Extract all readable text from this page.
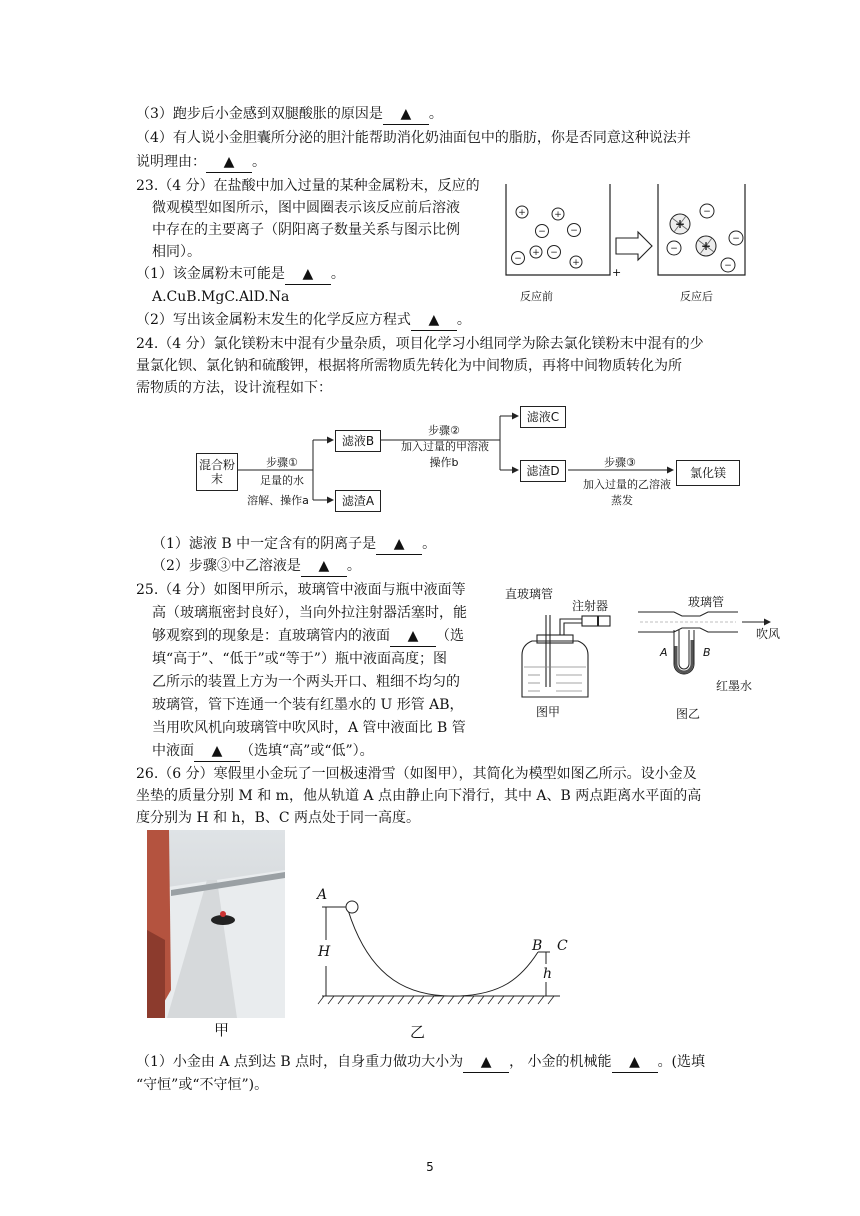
（3）跑步后小金感到双腿酸胀的原因是 ▲ 。
（4）有人说小金胆囊所分泌的胆汁能帮助消化奶油面包中的脂肪，你是否同意这种说法并
说明理由： ▲ 。
23.（4 分）在盐酸中加入过量的某种金属粉末，反应的
微观模型如图所示，图中圆圈表示该反应前后溶液
中存在的主要离子（阴阳离子数量关系与图示比例
相同）。
（1）该金属粉末可能是 ▲ 。
A.CuB.MgC.AlD.Na
（2）写出该金属粉末发生的化学反应方程式 ▲ 。
+	+
−	−
+ −
−	+
−
+
+
−
−
−
+
反应前	反应后
24.（4 分）氯化镁粉末中混有少量杂质，项目化学习小组同学为除去氯化镁粉末中混有的少
量氯化钡、氯化钠和硫酸钾，根据将所需物质先转化为中间物质，再将中间物质转化为所
需物质的方法，设计流程如下：
混合粉末
步骤①
足量的水
溶解、操作a
滤液B
滤渣A
步骤②
加入过量的甲溶液
操作b
滤液C
滤渣D
步骤③
加入过量的乙溶液
蒸发
氯化镁
（1）滤液 B 中一定含有的阴离子是 ▲ 。
（2）步骤③中乙溶液是 ▲ 。
25.（4 分）如图甲所示，玻璃管中液面与瓶中液面等
高（玻璃瓶密封良好），当向外拉注射器活塞时，能
够观察到的现象是：直玻璃管内的液面 ▲ （选
填“高于”、“低于”或“等于”）瓶中液面高度；图
乙所示的装置上方为一个两头开口、粗细不均匀的
玻璃管，管下连通一个装有红墨水的 U 形管 AB，
当用吹风机向玻璃管中吹风时，A 管中液面比 B 管
中液面 ▲ （选填“高”或“低”）。
直玻璃管
注射器
图甲
玻璃管
吹风
A	B
红墨水
图乙
26.（6 分）寒假里小金玩了一回极速滑雪（如图甲），其简化为模型如图乙所示。设小金及
坐垫的质量分别 M 和 m，他从轨道 A 点由静止向下滑行，其中 A、B 两点距离水平面的高
度分别为 H 和 h，B、C 两点处于同一高度。
甲
A
H	B C
h
乙
（1）小金由 A 点到达 B 点时，自身重力做功大小为 ▲ ， 小金的机械能 ▲ 。(选填
“守恒”或“不守恒”)。
5
